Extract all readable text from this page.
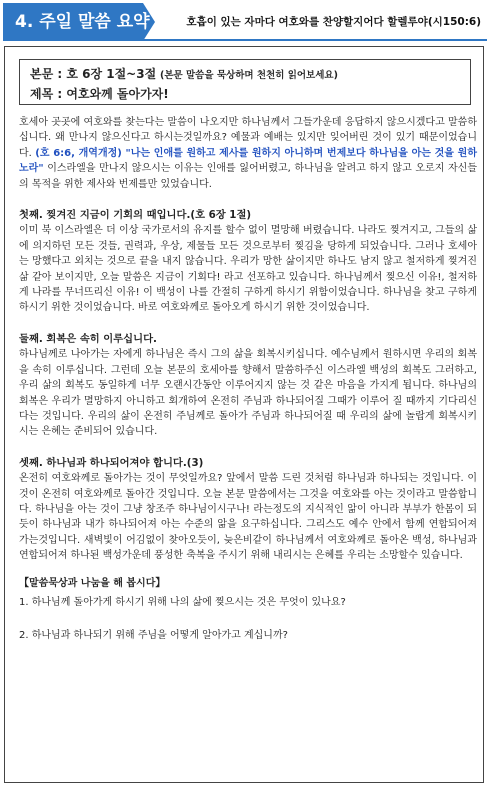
4. 주일 말씀 요약	호흡이 있는 자마다 여호와를 찬양할지어다 할렐루야(시150:6)
본문 : 호 6장 1절~3절 (본문 말씀을 묵상하며 천천히 읽어보세요)
제목 : 여호와께 돌아가자!
호세아 곳곳에 여호와를 찾는다는 말씀이 나오지만 하나님께서 그들가운데 응답하지 않으시겠다고 말씀하십니다. 왜 만나지 않으신다고 하시는것일까요? 예물과 예배는 있지만 잊어버린 것이 있기 때문이었습니다. (호 6:6, 개역개정) "나는 인애를 원하고 제사를 원하지 아니하며 번제보다 하나님을 아는 것을 원하노라" 이스라엘을 만나지 않으시는 이유는 인애를 잃어버렸고, 하나님을 알려고 하지 않고 오로지 자신들의 목적을 위한 제사와 번제를만 있었습니다.
첫째. 찢겨진 지금이 기회의 때입니다.(호 6장 1절)
이미 북 이스라엘은 더 이상 국가로서의 유지를 할수 없이 멸망해 버렸습니다. 나라도 찢겨지고, 그들의 삶에 의지하던 모든 것들, 권력과, 우상, 제물들 모든 것으로부터 찢김을 당하게 되었습니다. 그러나 호세아는 망했다고 외치는 것으로 끝을 내지 않습니다. 우리가 망한 삶이지만 하나도 남지 않고 철저하게 찢겨진 삶 같아 보이지만, 오늘 말씀은 지금이 기회다! 라고 선포하고 있습니다. 하나님께서 찢으신 이유!, 철저하게 나라를 무너뜨리신 이유! 이 백성이 나를 간절히 구하게 하시기 위함이었습니다. 하나님을 찾고 구하게 하시기 위한 것이었습니다. 바로 여호와께로 돌아오게 하시기 위한 것이었습니다.
둘째. 회복은 속히 이루십니다.
하나님께로 나아가는 자에게 하나님은 즉시 그의 삶을 회복시키십니다. 예수님께서 원하시면 우리의 회복을 속히 이루십니다. 그런데 오늘 본문의 호세아를 향해서 말씀하주신 이스라엘 백성의 회복도 그러하고, 우리 삶의 회복도 동일하게 너무 오랜시간동안 이루어지지 않는 것 같은 마음을 가지게 됩니다. 하나님의 회복은 우리가 멸망하지 아니하고 회개하여 온전히 주님과 하나되어질 그때가 이루어 질 때까지 기다리신 다는 것입니다. 우리의 삶이 온전히 주님께로 돌아가 주님과 하나되어질 때 우리의 삶에 놀랍게 회복시키시는 은혜는 준비되어 있습니다.
셋째. 하나님과 하나되어져야 합니다.(3)
온전히 여호와께로 돌아가는 것이 무엇일까요? 앞에서 말씀 드린 것처럼 하나님과 하나되는 것입니다. 이것이 온전히 여호와께로 돌아간 것입니다. 오늘 본문 말씀에서는 그것을 여호와를 아는 것이라고 말씀합니다. 하나님을 아는 것이 그냥 창조주 하나님이시구나! 라는정도의 지식적인 앎이 아니라 부부가 한몸이 되듯이 하나님과 내가 하나되어져 아는 수준의 앎을 요구하십니다. 그리스도 예수 안에서 함께 연합되어져 가는것입니다. 새벽빛이 어김없이 찾아오듯이, 늦은비같이 하나님께서 여호와께로 돌아온 백성, 하나님과 연합되어져 하나된 백성가운데 풍성한 축복을 주시기 위해 내리시는 은혜를 우리는 소망할수 있습니다.
【말씀묵상과 나눔을 해 봅시다】
1. 하나님께 돌아가게 하시기 위해 나의 삶에 찢으시는 것은 무엇이 있나요?
2. 하나님과 하나되기 위해 주님을 어떻게 알아가고 계십니까?
